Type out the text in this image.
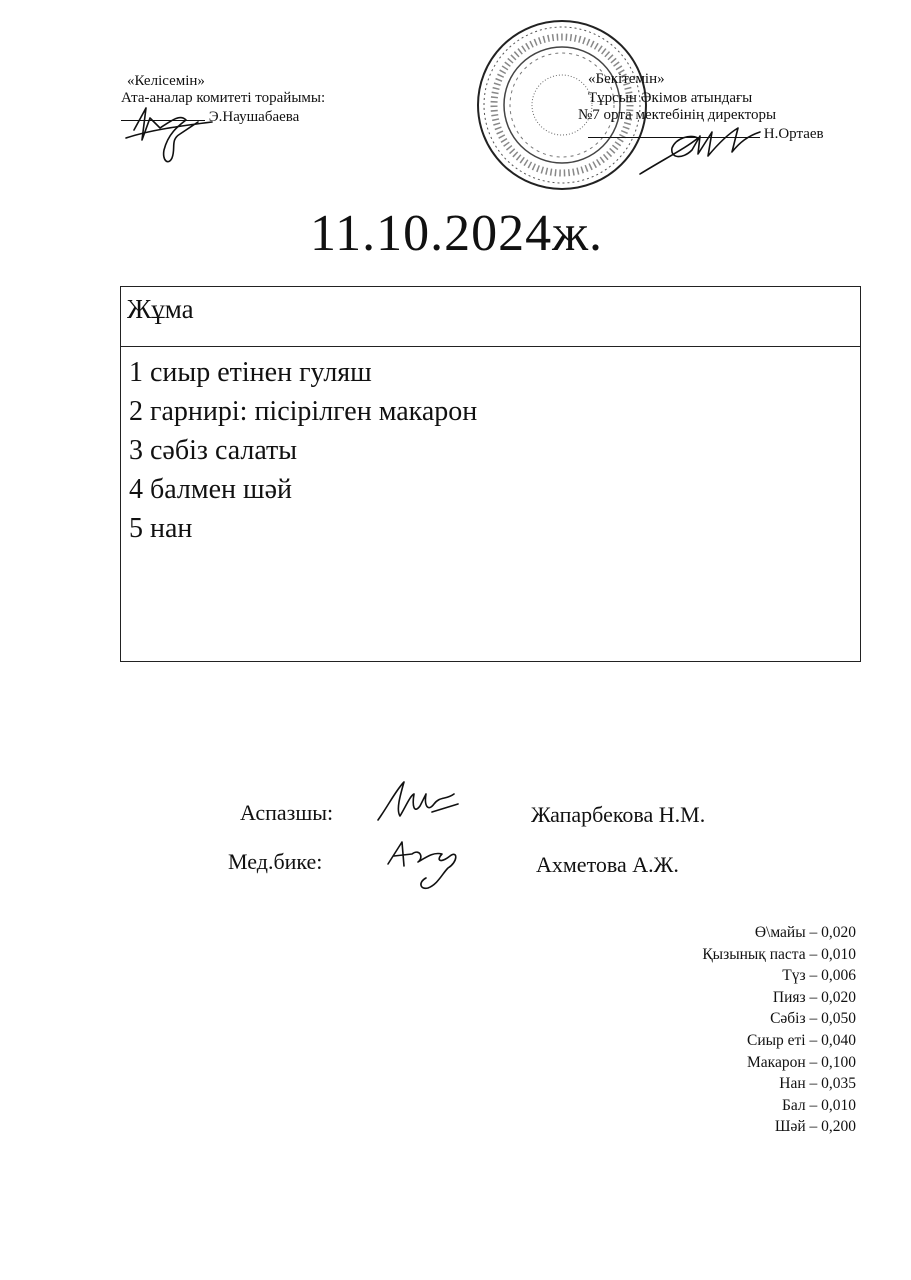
«Келісемін»
Ата-аналар комитеті торайымы:
Э.Наушабаева
«Бекітемін»
Тұрсын Әкімов атындағы
№7 орта мектебінің директоры
Н.Ортаев
11.10.2024ж.
Жұма
1 сиыр етінен гуляш
2 гарнирі: пісірілген макарон
3 сәбіз салаты
4 балмен шәй
5 нан
Аспазшы:	Жапарбекова Н.М.
Мед.бике:	Ахметова А.Ж.
Ө\майы – 0,020
Қызынық паста – 0,010
Түз – 0,006
Пияз – 0,020
Сәбіз – 0,050
Сиыр еті – 0,040
Макарон – 0,100
Нан – 0,035
Бал – 0,010
Шәй – 0,200
